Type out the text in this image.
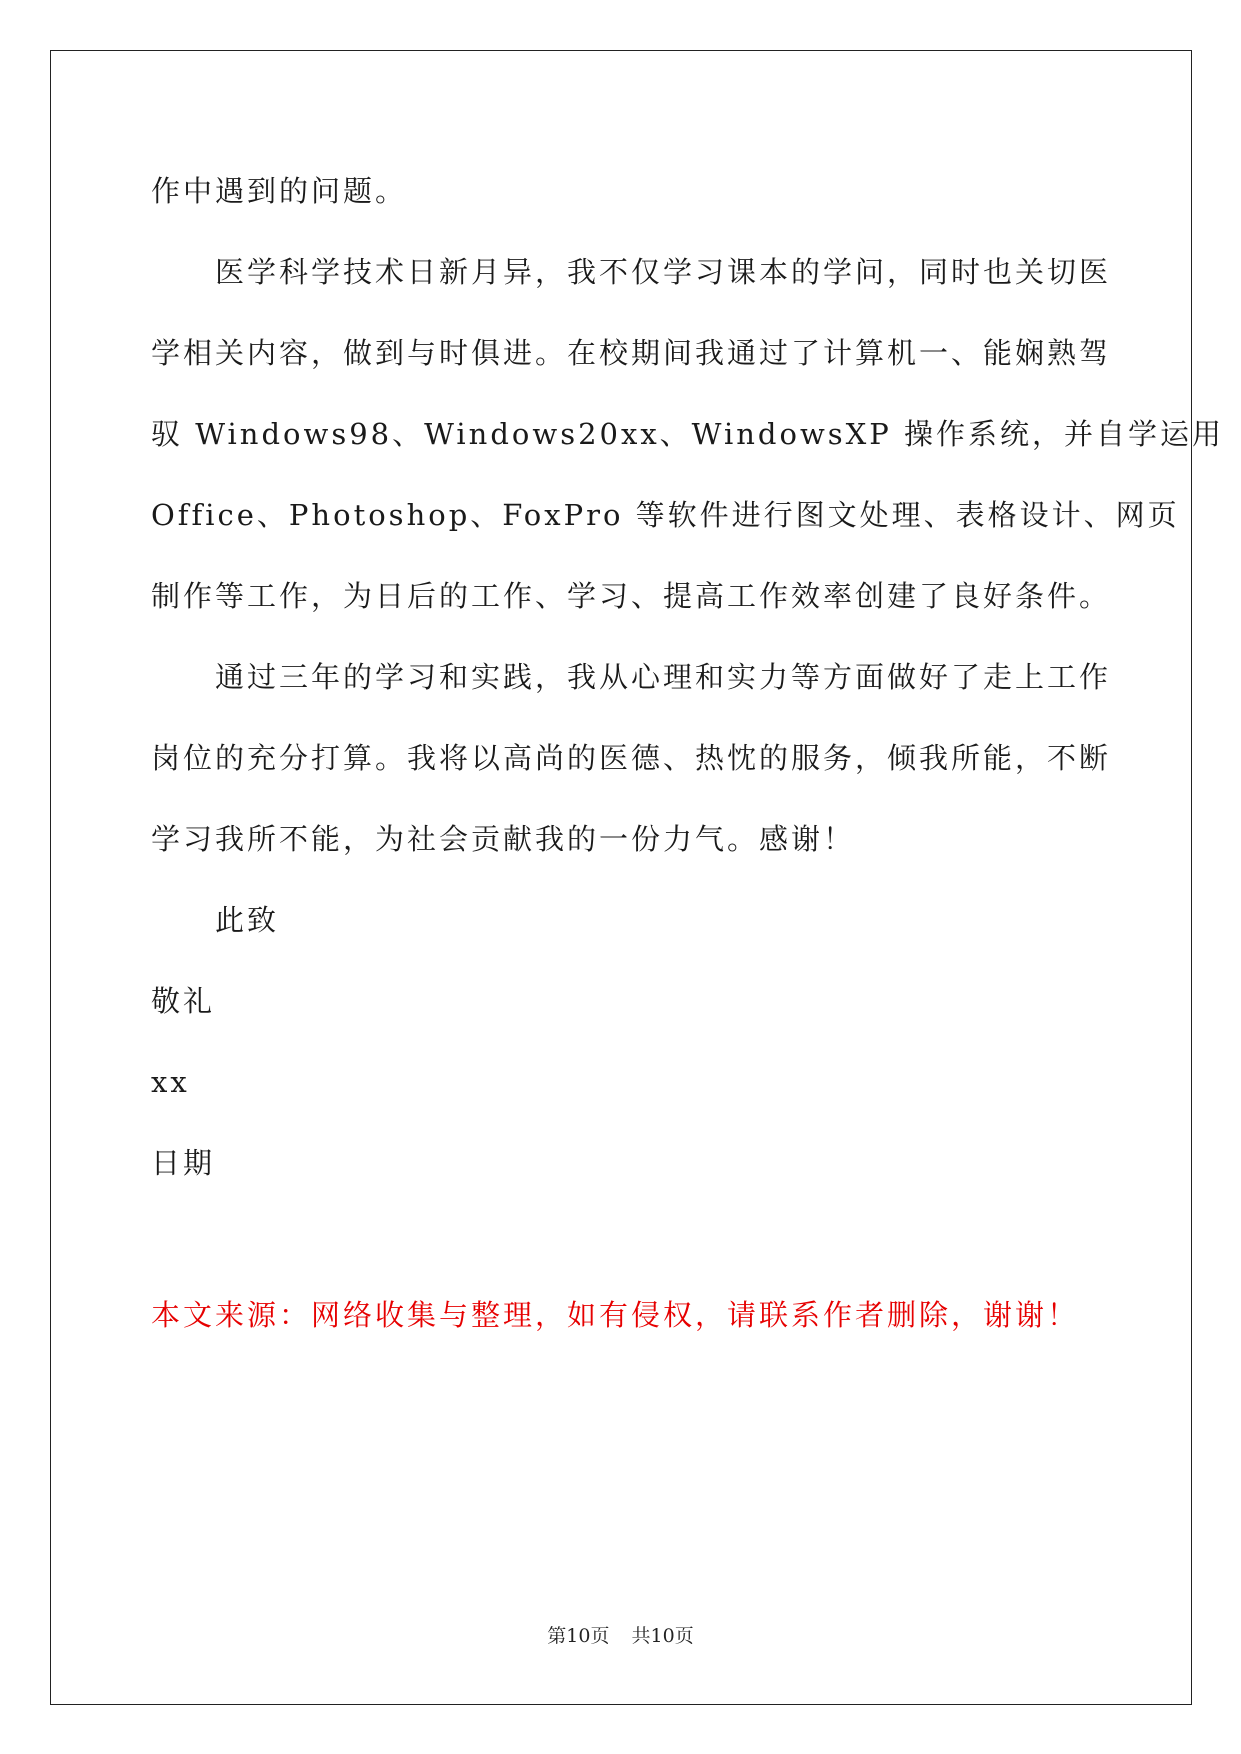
作中遇到的问题。
医学科学技术日新月异，我不仅学习课本的学问，同时也关切医
学相关内容，做到与时俱进。在校期间我通过了计算机一、能娴熟驾
驭 Windows98、Windows20xx、WindowsXP 操作系统，并自学运用
Office、Photoshop、FoxPro 等软件进行图文处理、表格设计、网页
制作等工作，为日后的工作、学习、提高工作效率创建了良好条件。
通过三年的学习和实践，我从心理和实力等方面做好了走上工作
岗位的充分打算。我将以高尚的医德、热忱的服务，倾我所能，不断
学习我所不能，为社会贡献我的一份力气。感谢！
此致
敬礼
xx
日期
本文来源：网络收集与整理，如有侵权，请联系作者删除，谢谢！
第10页 共10页
